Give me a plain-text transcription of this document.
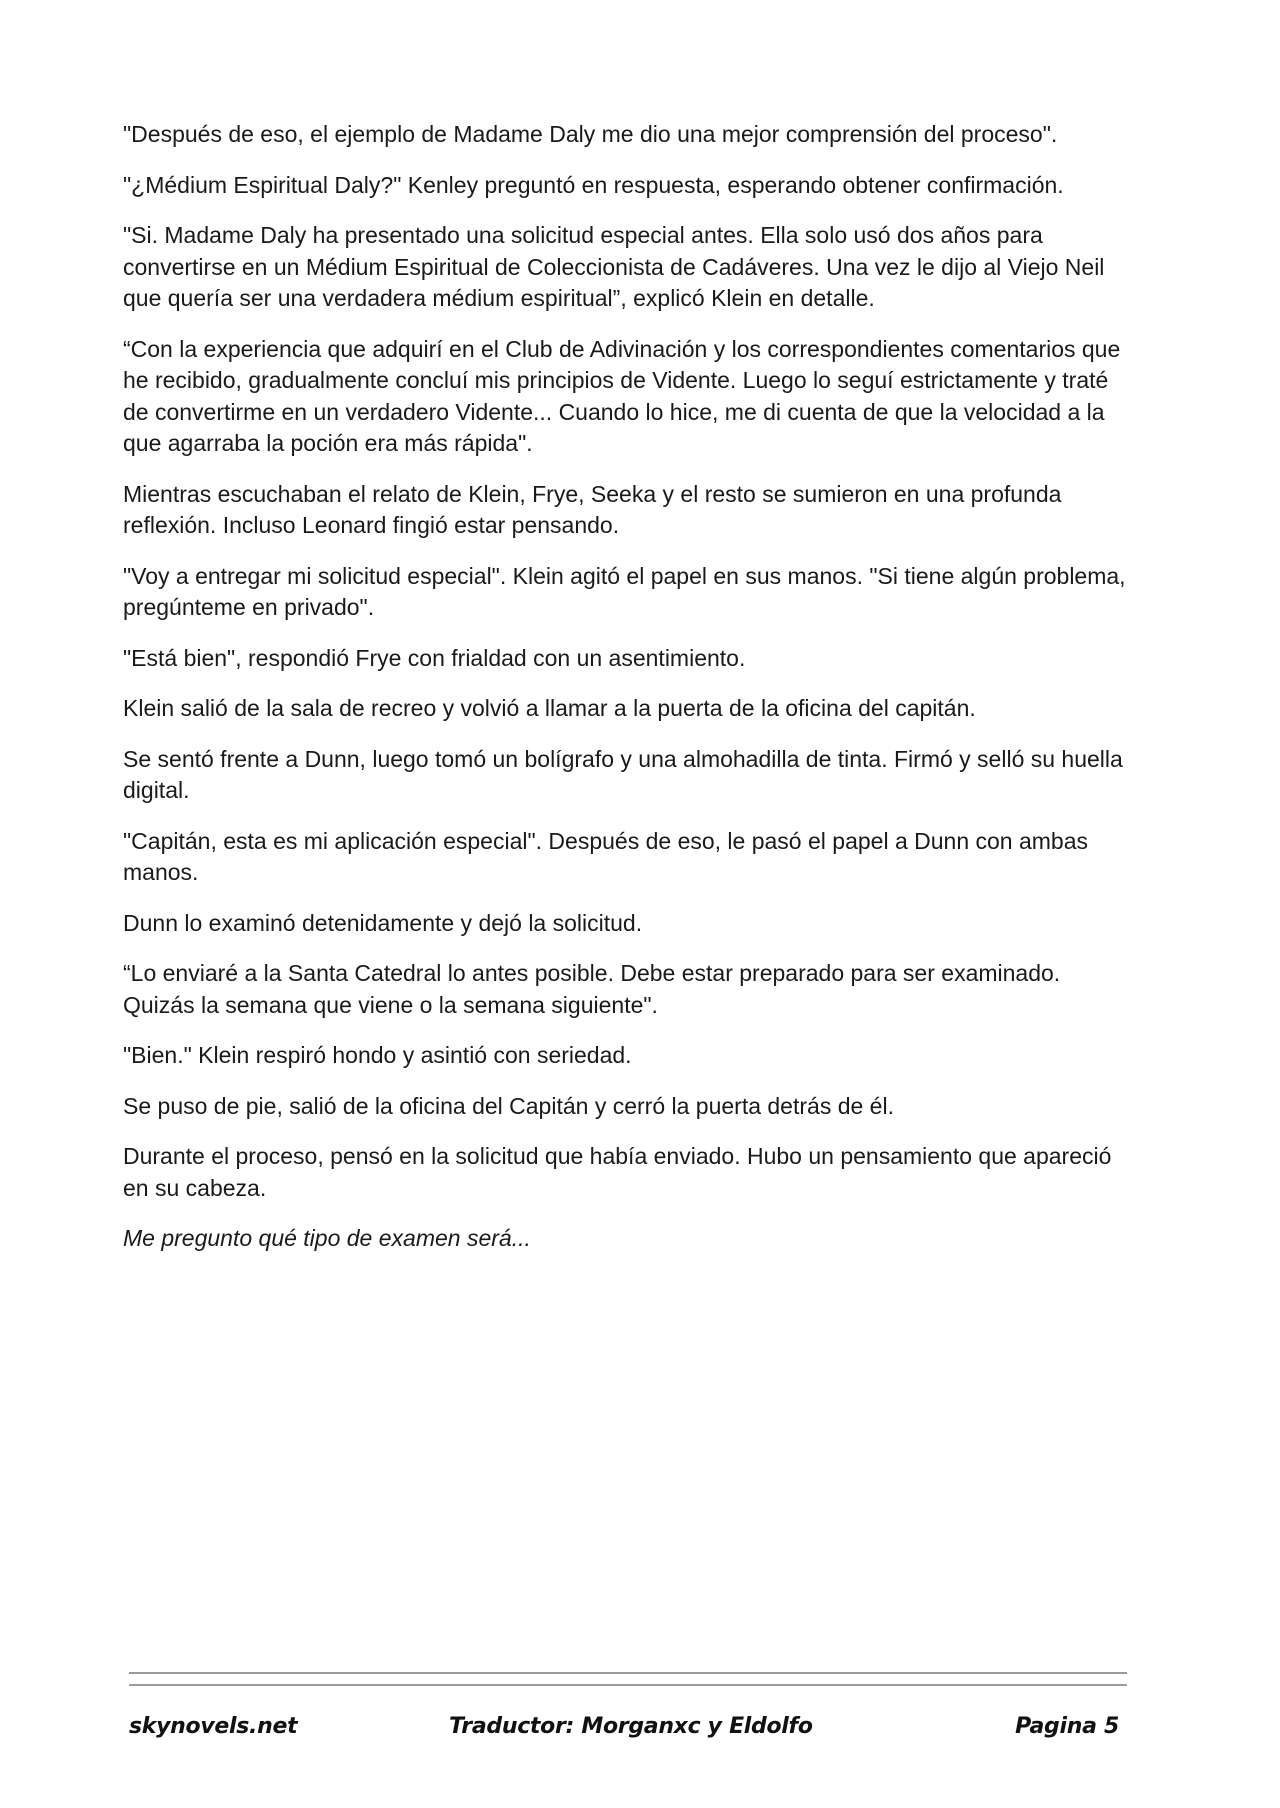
"Después de eso, el ejemplo de Madame Daly me dio una mejor comprensión del proceso".

"¿Médium Espiritual Daly?" Kenley preguntó en respuesta, esperando obtener confirmación.

"Si. Madame Daly ha presentado una solicitud especial antes. Ella solo usó dos años para convertirse en un Médium Espiritual de Coleccionista de Cadáveres. Una vez le dijo al Viejo Neil que quería ser una verdadera médium espiritual”, explicó Klein en detalle.

“Con la experiencia que adquirí en el Club de Adivinación y los correspondientes comentarios que he recibido, gradualmente concluí mis principios de Vidente. Luego lo seguí estrictamente y traté de convertirme en un verdadero Vidente... Cuando lo hice, me di cuenta de que la velocidad a la que agarraba la poción era más rápida".

Mientras escuchaban el relato de Klein, Frye, Seeka y el resto se sumieron en una profunda reflexión. Incluso Leonard fingió estar pensando.

"Voy a entregar mi solicitud especial". Klein agitó el papel en sus manos. "Si tiene algún problema, pregúnteme en privado".

"Está bien", respondió Frye con frialdad con un asentimiento.

Klein salió de la sala de recreo y volvió a llamar a la puerta de la oficina del capitán.

Se sentó frente a Dunn, luego tomó un bolígrafo y una almohadilla de tinta. Firmó y selló su huella digital.

"Capitán, esta es mi aplicación especial". Después de eso, le pasó el papel a Dunn con ambas manos.

Dunn lo examinó detenidamente y dejó la solicitud.

“Lo enviaré a la Santa Catedral lo antes posible. Debe estar preparado para ser examinado. Quizás la semana que viene o la semana siguiente".

"Bien." Klein respiró hondo y asintió con seriedad.

Se puso de pie, salió de la oficina del Capitán y cerró la puerta detrás de él.

Durante el proceso, pensó en la solicitud que había enviado. Hubo un pensamiento que apareció en su cabeza.

Me pregunto qué tipo de examen será...

skynovels.net	Traductor: Morganxc y Eldolfo	Pagina 5
